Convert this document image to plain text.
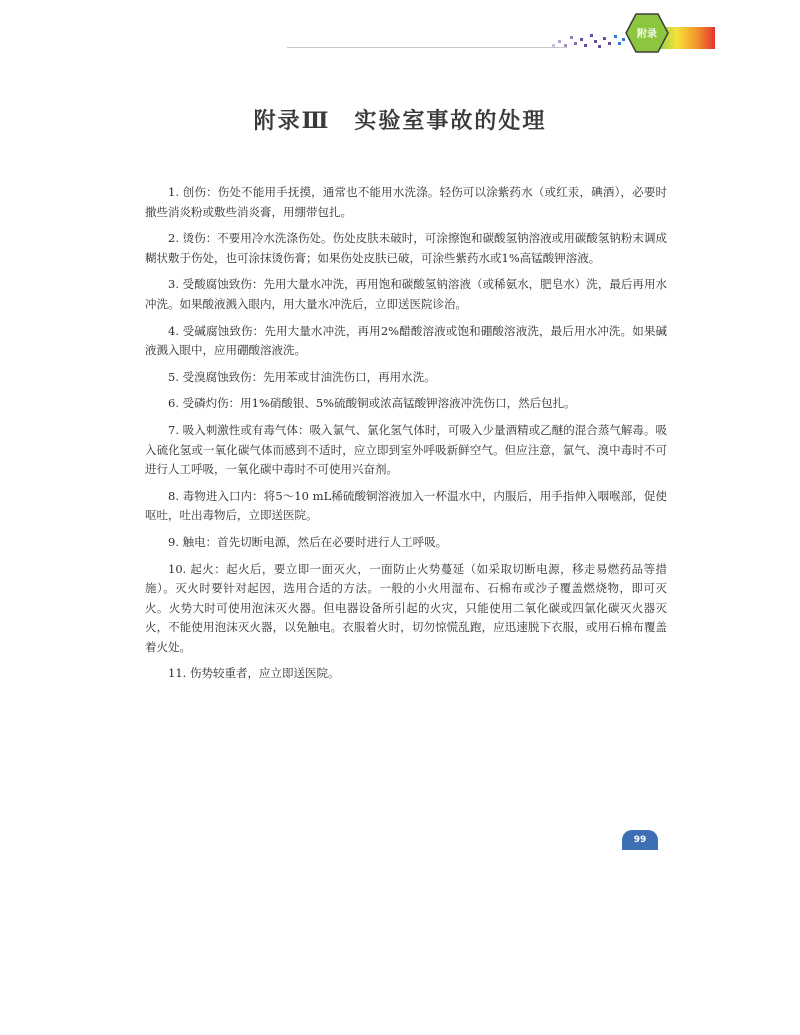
附录
附录Ⅲ　实验室事故的处理

1. 创伤：伤处不能用手抚摸，通常也不能用水洗涤。轻伤可以涂紫药水（或红汞，碘酒），必要时撒些消炎粉或敷些消炎膏，用绷带包扎。

2. 烫伤：不要用冷水洗涤伤处。伤处皮肤未破时，可涂擦饱和碳酸氢钠溶液或用碳酸氢钠粉末调成糊状敷于伤处，也可涂抹烫伤膏；如果伤处皮肤已破，可涂些紫药水或1%高锰酸钾溶液。

3. 受酸腐蚀致伤：先用大量水冲洗，再用饱和碳酸氢钠溶液（或稀氨水，肥皂水）洗，最后再用水冲洗。如果酸液溅入眼内，用大量水冲洗后，立即送医院诊治。

4. 受碱腐蚀致伤：先用大量水冲洗，再用2%醋酸溶液或饱和硼酸溶液洗，最后用水冲洗。如果碱液溅入眼中，应用硼酸溶液洗。

5. 受溴腐蚀致伤：先用苯或甘油洗伤口，再用水洗。

6. 受磷灼伤：用1%硝酸银、5%硫酸铜或浓高锰酸钾溶液冲洗伤口，然后包扎。

7. 吸入刺激性或有毒气体：吸入氯气、氯化氢气体时，可吸入少量酒精或乙醚的混合蒸气解毒。吸入硫化氢或一氧化碳气体而感到不适时，应立即到室外呼吸新鲜空气。但应注意，氯气、溴中毒时不可进行人工呼吸，一氧化碳中毒时不可使用兴奋剂。

8. 毒物进入口内：将5～10 mL稀硫酸铜溶液加入一杯温水中，内服后，用手指伸入咽喉部，促使呕吐，吐出毒物后，立即送医院。

9. 触电：首先切断电源，然后在必要时进行人工呼吸。

10. 起火：起火后，要立即一面灭火，一面防止火势蔓延（如采取切断电源，移走易燃药品等措施）。灭火时要针对起因，选用合适的方法。一般的小火用湿布、石棉布或沙子覆盖燃烧物，即可灭火。火势大时可使用泡沫灭火器。但电器设备所引起的火灾，只能使用二氧化碳或四氯化碳灭火器灭火，不能使用泡沫灭火器，以免触电。衣服着火时，切勿惊慌乱跑，应迅速脱下衣服，或用石棉布覆盖着火处。

11. 伤势较重者，应立即送医院。

99
